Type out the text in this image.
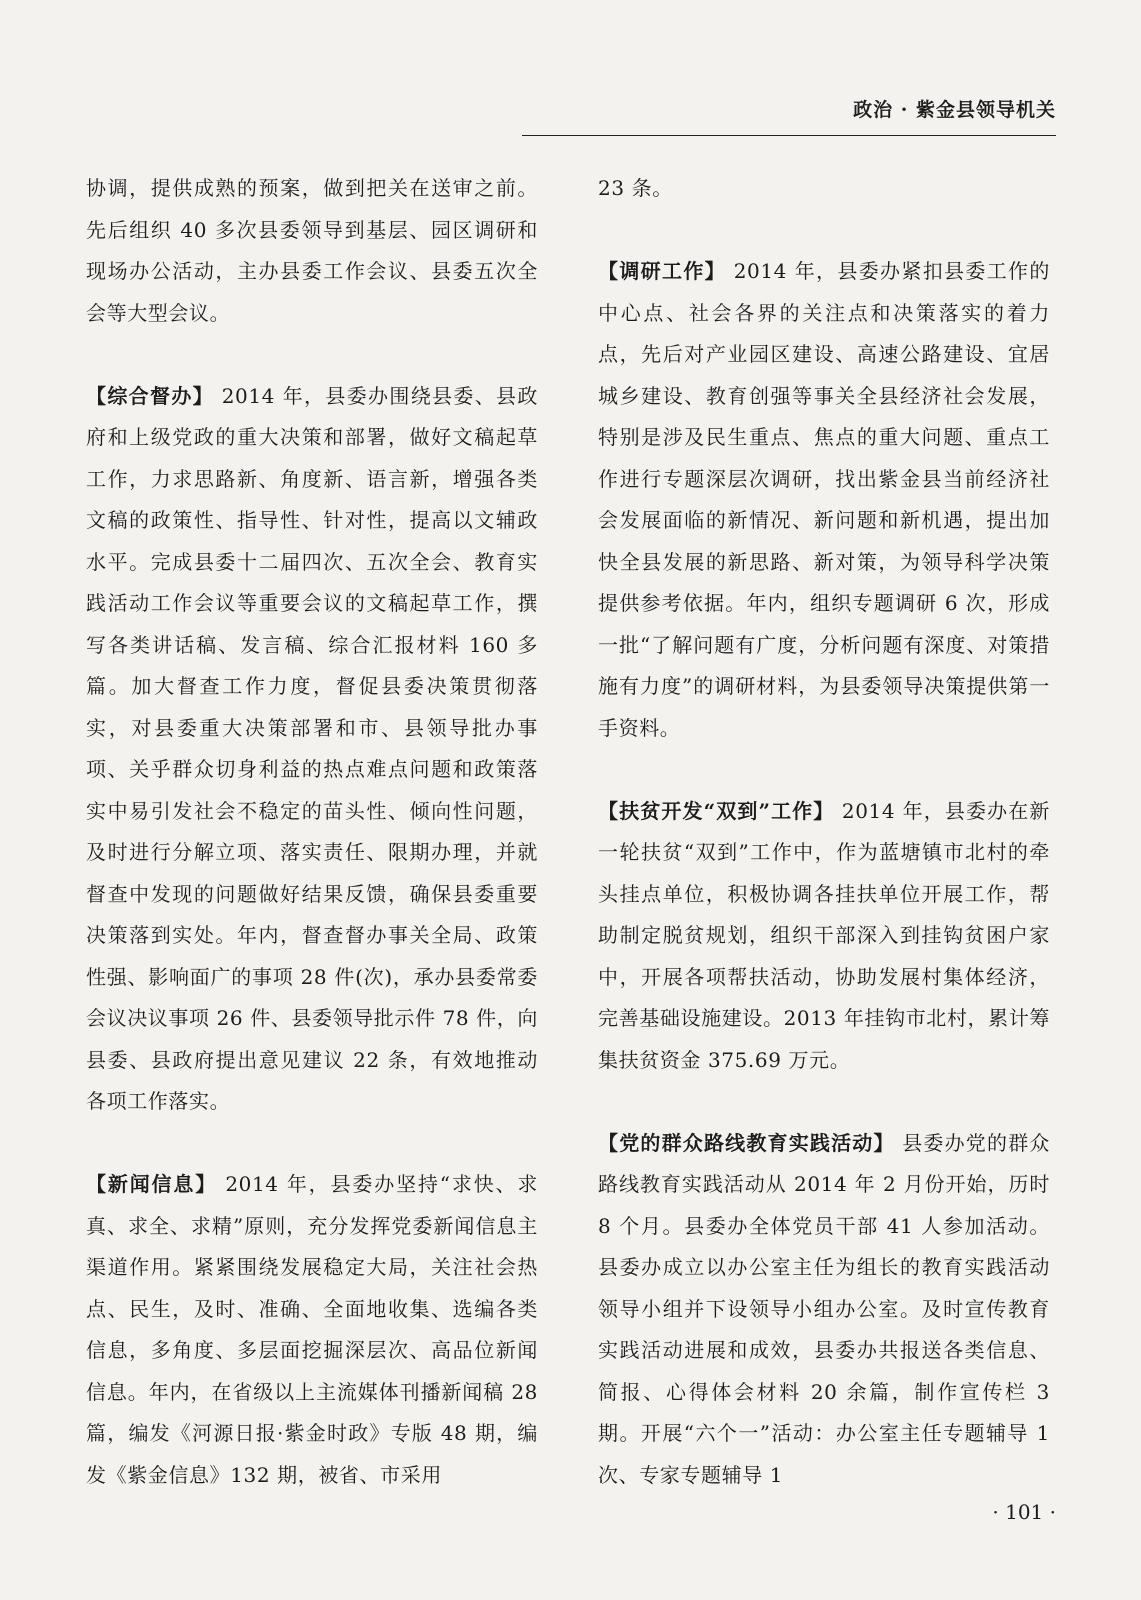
政治 · 紫金县领导机关

协调，提供成熟的预案，做到把关在送审之前。先后组织 40 多次县委领导到基层、园区调研和现场办公活动，主办县委工作会议、县委五次全会等大型会议。

【综合督办】 2014 年，县委办围绕县委、县政府和上级党政的重大决策和部署，做好文稿起草工作，力求思路新、角度新、语言新，增强各类文稿的政策性、指导性、针对性，提高以文辅政水平。完成县委十二届四次、五次全会、教育实践活动工作会议等重要会议的文稿起草工作，撰写各类讲话稿、发言稿、综合汇报材料 160 多篇。加大督查工作力度，督促县委决策贯彻落实，对县委重大决策部署和市、县领导批办事项、关乎群众切身利益的热点难点问题和政策落实中易引发社会不稳定的苗头性、倾向性问题，及时进行分解立项、落实责任、限期办理，并就督查中发现的问题做好结果反馈，确保县委重要决策落到实处。年内，督查督办事关全局、政策性强、影响面广的事项 28 件(次)，承办县委常委会议决议事项 26 件、县委领导批示件 78 件，向县委、县政府提出意见建议 22 条，有效地推动各项工作落实。

【新闻信息】 2014 年，县委办坚持“求快、求真、求全、求精”原则，充分发挥党委新闻信息主渠道作用。紧紧围绕发展稳定大局，关注社会热点、民生，及时、准确、全面地收集、选编各类信息，多角度、多层面挖掘深层次、高品位新闻信息。年内，在省级以上主流媒体刊播新闻稿 28 篇，编发《河源日报·紫金时政》专版 48 期，编发《紫金信息》132 期，被省、市采用

23 条。

【调研工作】 2014 年，县委办紧扣县委工作的中心点、社会各界的关注点和决策落实的着力点，先后对产业园区建设、高速公路建设、宜居城乡建设、教育创强等事关全县经济社会发展，特别是涉及民生重点、焦点的重大问题、重点工作进行专题深层次调研，找出紫金县当前经济社会发展面临的新情况、新问题和新机遇，提出加快全县发展的新思路、新对策，为领导科学决策提供参考依据。年内，组织专题调研 6 次，形成一批“了解问题有广度，分析问题有深度、对策措施有力度”的调研材料，为县委领导决策提供第一手资料。

【扶贫开发“双到”工作】 2014 年，县委办在新一轮扶贫“双到”工作中，作为蓝塘镇市北村的牵头挂点单位，积极协调各挂扶单位开展工作，帮助制定脱贫规划，组织干部深入到挂钩贫困户家中，开展各项帮扶活动，协助发展村集体经济，完善基础设施建设。2013 年挂钩市北村，累计筹集扶贫资金 375.69 万元。

【党的群众路线教育实践活动】 县委办党的群众路线教育实践活动从 2014 年 2 月份开始，历时 8 个月。县委办全体党员干部 41 人参加活动。县委办成立以办公室主任为组长的教育实践活动领导小组并下设领导小组办公室。及时宣传教育实践活动进展和成效，县委办共报送各类信息、简报、心得体会材料 20 余篇，制作宣传栏 3 期。开展“六个一”活动：办公室主任专题辅导 1 次、专家专题辅导 1

· 101 ·
